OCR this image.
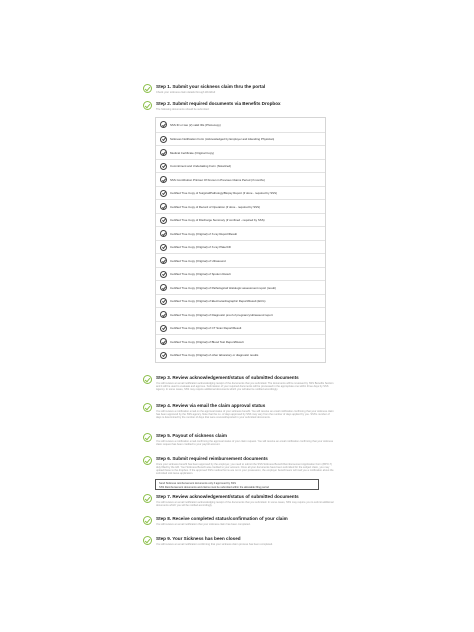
Step 1. Submit your sickness claim thru the portal
Check your sickness claim details through WorkFull
Step 2. Submit required documents via Benefits Dropbox
The following documents should be submitted:
SSS ID or two (2) valid IDs (Photocopy)
Sickness Notification Form (Acknowledged by Employer and Attending Physician)
Medical Certificate (Original Copy)
Commitment and Undertaking Form (Notarized)
SSS Contribution Printout Of Known in Previous Claims Period (if months)
Certified True Copy of Surgical/Pathology/Biopsy Report (if done - required by SSS)
Certified True Copy of Record of Operation (if done - required by SSS)
Certified True Copy of Discharge Summary (if confined - required by SSS)
Certified True Copy (Original) of X-ray Report/Result
Certified True Copy (Original) of X-ray Plate/CD
Certified True Copy (Original) of Ultrasound
Certified True Copy (Original) of Sputum Result
Certified True Copy (Original) of Pathological/ Histologic assessment report (result)
Certified True Copy (Original) of Electrocardiographic Report/Result (ECG)
Certified True Copy (Original) of Diagnostic proof of pregnancy/ultrasound report
Certified True Copy (Original) of CT Scan Report/Result
Certified True Copy (Original) of Blood Test Report/Result
Certified True Copy (Original) of other laboratory or diagnostic results
Step 3. Review acknowledgement/status of submitted documents
You will receive an email notification acknowledging receipt of the documents that you submitted. The documents will be reviewed by SSS Benefits Section and it will be used to evaluate and approve. Submission of your required documents will be processed in the appropriate one within three days by SSS Agency. In some cases, SSS may require additional documents which you will also be notified accordingly.
Step 4. Review via email the claim approval status
You will receive a notification email on the approval status of your sickness benefit. You will receive an email notification confirming that your sickness claim has been approved by the SSS agency. Note that the no. of days approved by SSS may vary from the number of days applied by you. SSS's number of days is determined by the number of days that were covered/reported in your submitted documents.
Step 5. Payout of sickness claim
You will receive a notification email confirming the approval status of your claim request. You will receive an email notification confirming that your sickness claim request has been credited to your payroll account.
Step 6. Submit required reimbursement documents
Once your sickness benefit has been approved by the employer, you need to submit the SSS Sickness Benefit Reimbursement Application Form (BPO-7) duly filled by the HR. Your Sickness Benefit was credited to your account. Once all your documents have been submitted for the subject claim, you may upload these to the dropbox. If the approved SSS medical forms are not in your possession, the employer benefit team will mail you a notification about the submitted sick leave application.
Send Sickness reimbursement documents only if approved by SSS
SSS Reimbursement documents and claims must be submitted within the allowable filing period
Step 7. Review acknowledgement/status of submitted documents
You will receive an email notification acknowledging receipt of the documents that you submitted. In some cases, SSS may require you to submit additional documents which you will be notified accordingly.
Step 8. Receive completed status/confirmation of your claim
You will receive an email notification that your sickness claim has been completed.
Step 9. Your Sickness has been closed
You will receive an email notification confirming that your sickness claim process has been completed.
